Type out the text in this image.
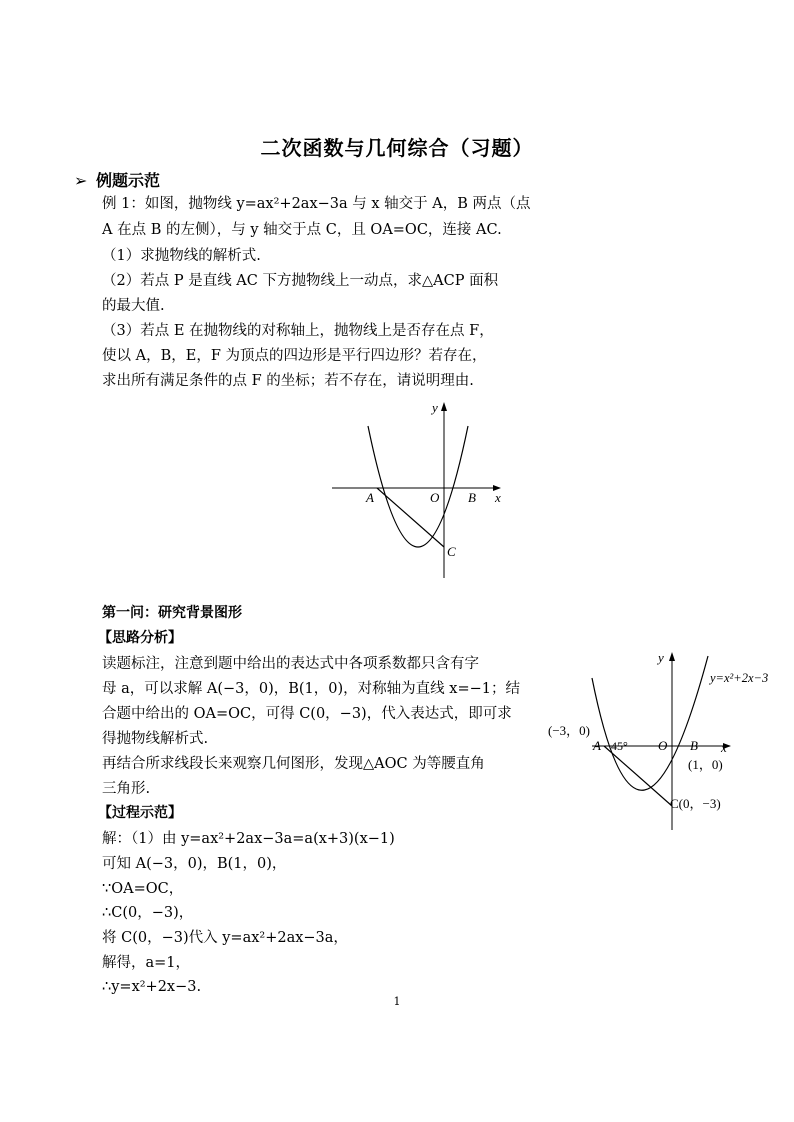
二次函数与几何综合（习题）
➢ 例题示范
例 1：如图，抛物线 y=ax²+2ax−3a 与 x 轴交于 A，B 两点（点
A 在点 B 的左侧），与 y 轴交于点 C，且 OA=OC，连接 AC.
（1）求抛物线的解析式.
（2）若点 P 是直线 AC 下方抛物线上一动点，求△ACP 面积
的最大值.
（3）若点 E 在抛物线的对称轴上，抛物线上是否存在点 F，
使以 A，B，E，F 为顶点的四边形是平行四边形？若存在，
求出所有满足条件的点 F 的坐标；若不存在，请说明理由.
y
x
A	O B
C
第一问：研究背景图形
【思路分析】
读题标注，注意到题中给出的表达式中各项系数都只含有字
母 a，可以求解 A(−3，0)，B(1，0)，对称轴为直线 x=−1；结
合题中给出的 OA=OC，可得 C(0，−3)，代入表达式，即可求
得抛物线解析式.
再结合所求线段长来观察几何图形，发现△AOC 为等腰直角
三角形.
【过程示范】
解：（1）由 y=ax²+2ax−3a=a(x+3)(x−1)
可知 A(−3，0)，B(1，0)，
∵OA=OC，
∴C(0，−3)，
将 C(0，−3)代入 y=ax²+2ax−3a，
解得，a=1，
∴y=x²+2x−3.
y
y=x²+2x−3
(−3，0)
A 45° O B x
(1，0)
C(0，−3)
1
